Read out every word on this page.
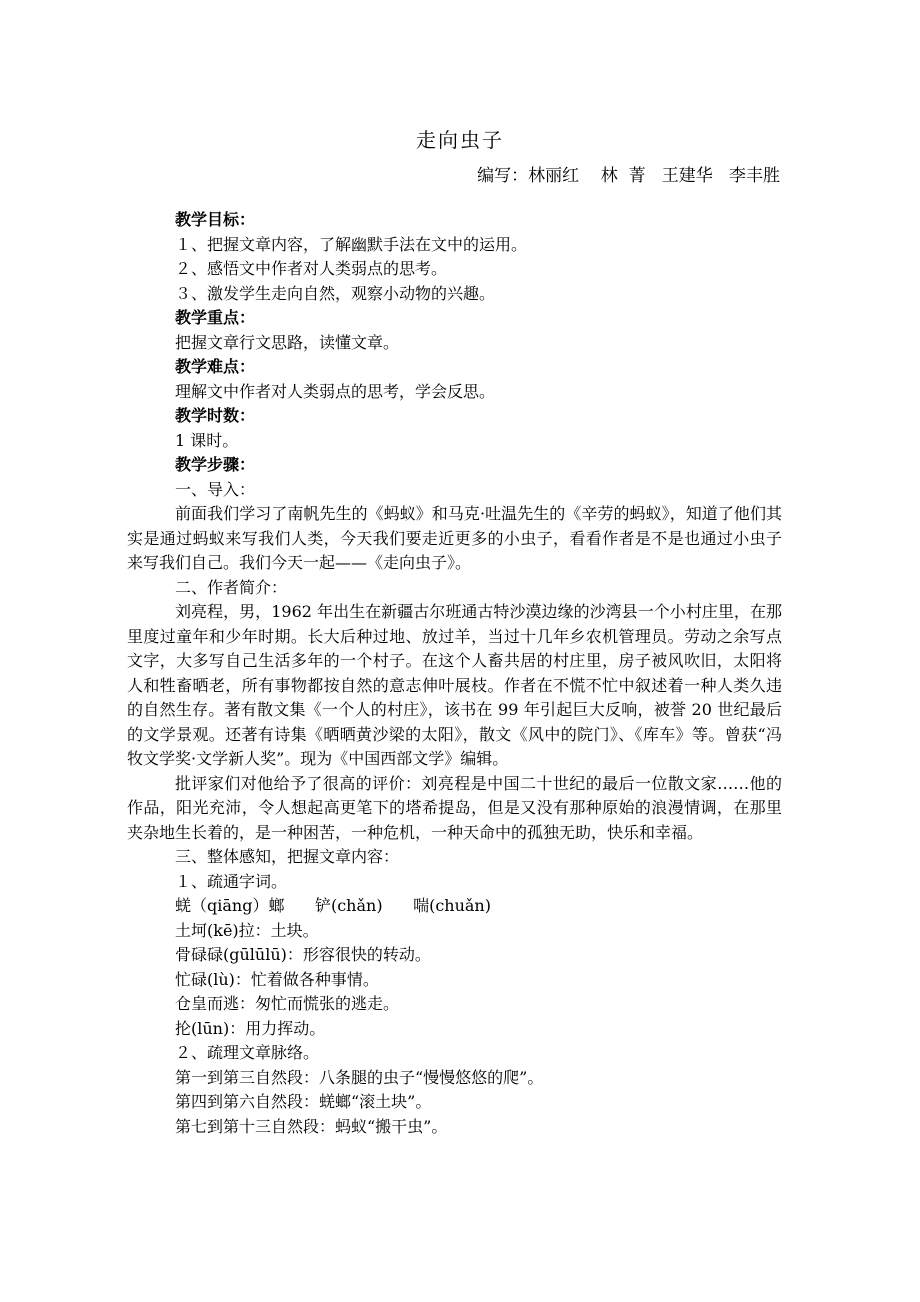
走向虫子
编写：林丽红    林  菁   王建华   李丰胜

教学目标：

１、把握文章内容，了解幽默手法在文中的运用。

２、感悟文中作者对人类弱点的思考。

３、激发学生走向自然，观察小动物的兴趣。

教学重点：

把握文章行文思路，读懂文章。

教学难点：

理解文中作者对人类弱点的思考，学会反思。

教学时数：

1 课时。

教学步骤：

一、导入：

前面我们学习了南帆先生的《蚂蚁》和马克·吐温先生的《辛劳的蚂蚁》，知道了他们其实是通过蚂蚁来写我们人类，今天我们要走近更多的小虫子，看看作者是不是也通过小虫子来写我们自己。我们今天一起——《走向虫子》。

二、作者简介：

刘亮程，男，1962 年出生在新疆古尔班通古特沙漠边缘的沙湾县一个小村庄里，在那里度过童年和少年时期。长大后种过地、放过羊，当过十几年乡农机管理员。劳动之余写点文字，大多写自己生活多年的一个村子。在这个人畜共居的村庄里，房子被风吹旧，太阳将人和牲畜晒老，所有事物都按自然的意志伸叶展枝。作者在不慌不忙中叙述着一种人类久违的自然生存。著有散文集《一个人的村庄》，该书在 99 年引起巨大反响，被誉 20 世纪最后的文学景观。还著有诗集《晒晒黄沙梁的太阳》，散文《风中的院门》、《库车》等。曾获“冯牧文学奖·文学新人奖”。现为《中国西部文学》编辑。

批评家们对他给予了很高的评价：刘亮程是中国二十世纪的最后一位散文家……他的作品，阳光充沛，令人想起高更笔下的塔希提岛，但是又没有那种原始的浪漫情调，在那里夹杂地生长着的，是一种困苦，一种危机，一种天命中的孤独无助，快乐和幸福。

三、整体感知，把握文章内容：

１、疏通字词。

蜣（qiāng）螂      铲(chǎn)      喘(chuǎn)

土坷(kē)拉：土块。

骨碌碌(gūlūlū)：形容很快的转动。

忙碌(lù)：忙着做各种事情。

仓皇而逃：匆忙而慌张的逃走。

抡(lūn)：用力挥动。

２、疏理文章脉络。

第一到第三自然段：八条腿的虫子“慢慢悠悠的爬”。

第四到第六自然段：蜣螂“滚土块”。

第七到第十三自然段：蚂蚁“搬干虫”。
